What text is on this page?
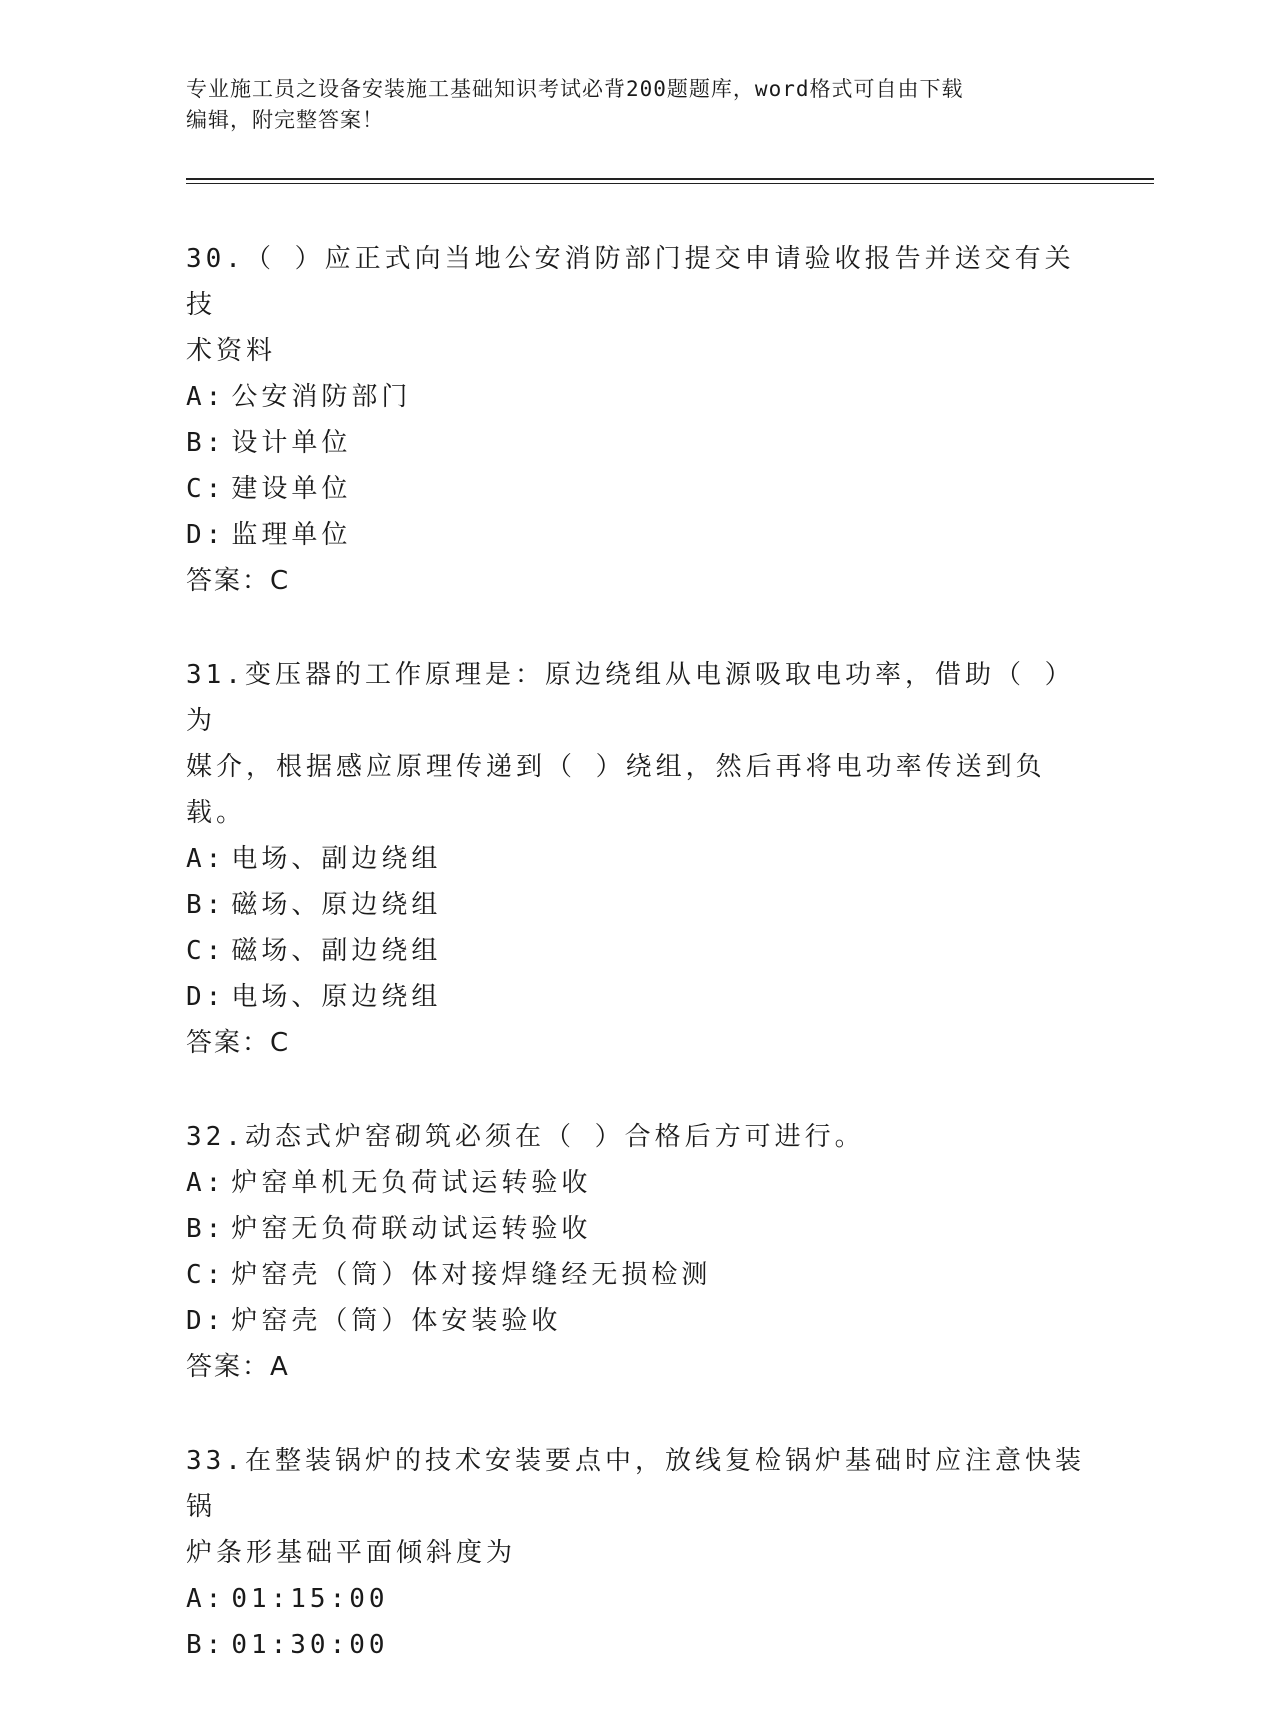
专业施工员之设备安装施工基础知识考试必背200题题库，word格式可自由下载
编辑，附完整答案！

30.（ ）应正式向当地公安消防部门提交申请验收报告并送交有关技
术资料

A: 公安消防部门
B: 设计单位
C: 建设单位
D: 监理单位
答案：C

31.变压器的工作原理是：原边绕组从电源吸取电功率，借助（ ）为
媒介，根据感应原理传递到（ ）绕组，然后再将电功率传送到负载。

A: 电场、副边绕组
B: 磁场、原边绕组
C: 磁场、副边绕组
D: 电场、原边绕组
答案：C

32.动态式炉窑砌筑必须在（ ）合格后方可进行。

A: 炉窑单机无负荷试运转验收
B: 炉窑无负荷联动试运转验收
C: 炉窑壳（筒）体对接焊缝经无损检测
D: 炉窑壳（筒）体安装验收
答案：A

33.在整装锅炉的技术安装要点中，放线复检锅炉基础时应注意快装锅
炉条形基础平面倾斜度为

A: 01:15:00
B: 01:30:00
